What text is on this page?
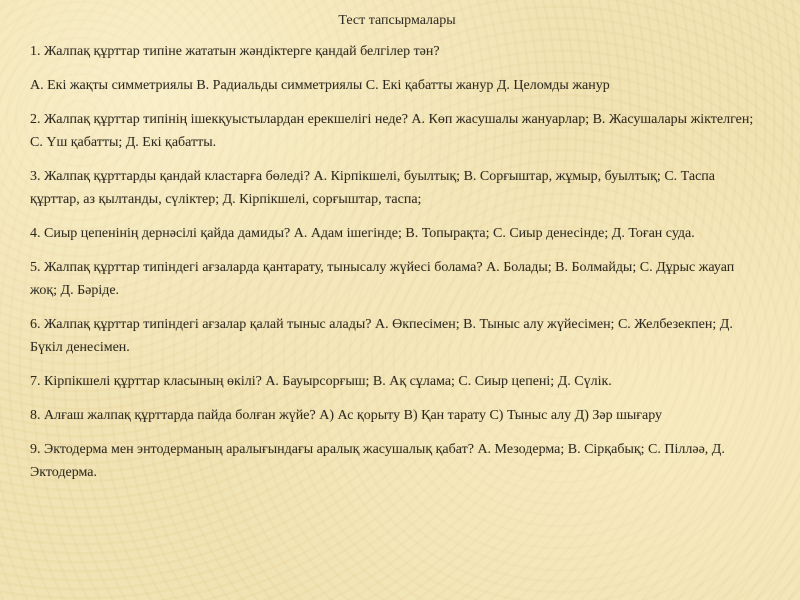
Тест тапсырмалары

1. Жалпақ құрттар типіне жататын жәндіктерге қандай белгілер тән?

А. Екі жақты симметриялы В. Радиальды симметриялы С. Екі қабатты жанур Д. Целомды жанур

2. Жалпақ құрттар типінің ішекқуыстылардан ерекшелігі неде? А. Көп жасушалы жануарлар; В. Жасушалары жіктелген; С. Үш қабатты; Д. Екі қабатты.

3. Жалпақ құрттарды қандай кластарға бөледі? А. Кірпікшелі, буылтық; В. Сорғыштар, жұмыр, буылтық; С. Таспа құрттар, аз қылтанды, сүліктер; Д. Кірпікшелі, сорғыштар, таспа;

4. Сиыр цепенінің дернәсілі қайда дамиды? А. Адам ішегінде; В. Топырақта; С. Сиыр денесінде; Д. Тоған суда.

5. Жалпақ құрттар типіндегі ағзаларда қантарату, тынысалу жүйесі болама? А. Болады; В. Болмайды; С. Дұрыс жауап жоқ; Д. Бәріде.

6. Жалпақ құрттар типіндегі ағзалар қалай тыныс алады? А. Өкпесімен; В. Тыныс алу жүйесімен; С. Желбезекпен; Д. Бүкіл денесімен.

7. Кірпікшелі құрттар класының өкілі? А. Бауырсорғыш; В. Ақ сұлама; С. Сиыр цепені; Д. Сүлік.

8. Алғаш жалпақ құрттарда пайда болған жүйе? А) Ас қорыту В) Қан тарату С) Тыныс алу Д) Зәр шығару

9. Эктодерма мен энтодерманың аралығындағы аралық жасушалық қабат? А. Мезодерма; В. Сірқабық; С. Пілләә, Д. Эктодерма.
